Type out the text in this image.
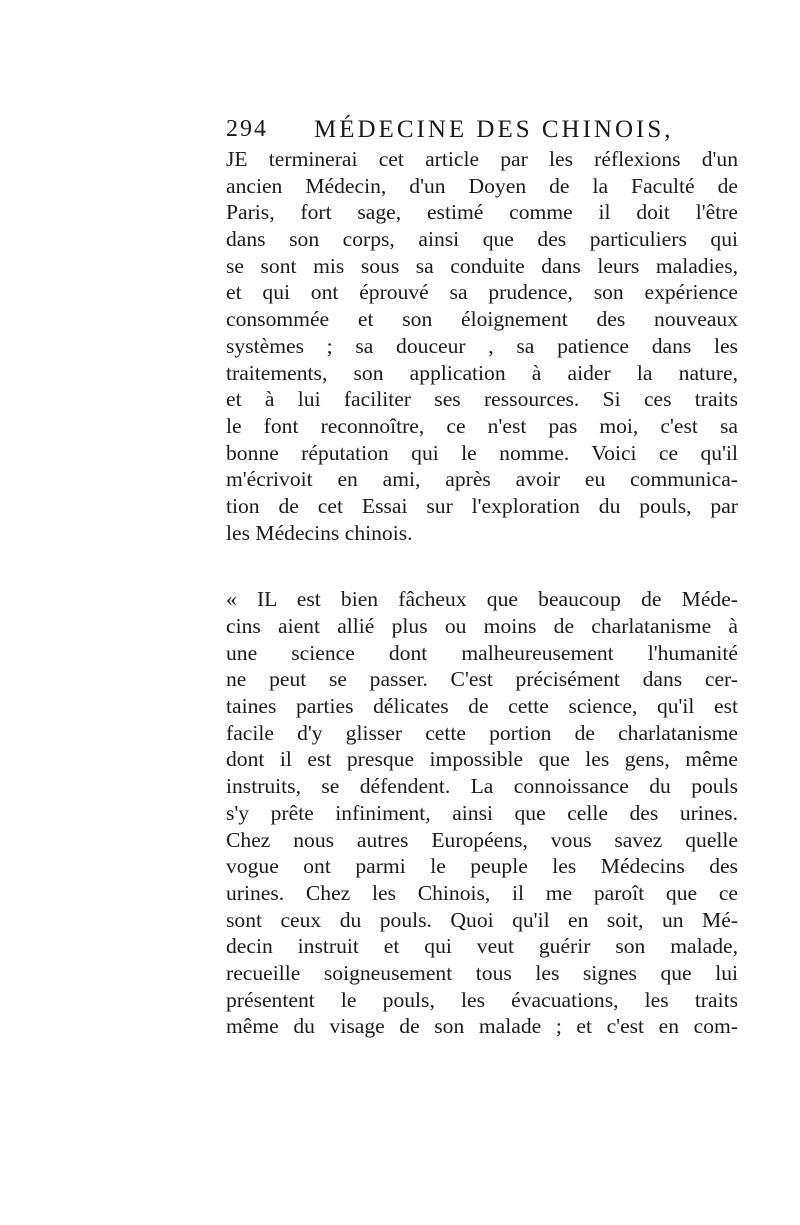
294 MÉDECINE DES CHINOIS,
JE terminerai cet article par les réflexions d'un
ancien Médecin, d'un Doyen de la Faculté de
Paris, fort sage, estimé comme il doit l'être
dans son corps, ainsi que des particuliers qui
se sont mis sous sa conduite dans leurs maladies,
et qui ont éprouvé sa prudence, son expérience
consommée et son éloignement des nouveaux
systèmes ; sa douceur , sa patience dans les
traitements, son application à aider la nature,
et à lui faciliter ses ressources. Si ces traits
le font reconnoître, ce n'est pas moi, c'est sa
bonne réputation qui le nomme. Voici ce qu'il
m'écrivoit en ami, après avoir eu communica-
tion de cet Essai sur l'exploration du pouls, par
les Médecins chinois.
« IL est bien fâcheux que beaucoup de Méde-
cins aient allié plus ou moins de charlatanisme à
une science dont malheureusement l'humanité
ne peut se passer. C'est précisément dans cer-
taines parties délicates de cette science, qu'il est
facile d'y glisser cette portion de charlatanisme
dont il est presque impossible que les gens, même
instruits, se défendent. La connoissance du pouls
s'y prête infiniment, ainsi que celle des urines.
Chez nous autres Européens, vous savez quelle
vogue ont parmi le peuple les Médecins des
urines. Chez les Chinois, il me paroît que ce
sont ceux du pouls. Quoi qu'il en soit, un Mé-
decin instruit et qui veut guérir son malade,
recueille soigneusement tous les signes que lui
présentent le pouls, les évacuations, les traits
même du visage de son malade ; et c'est en com-
